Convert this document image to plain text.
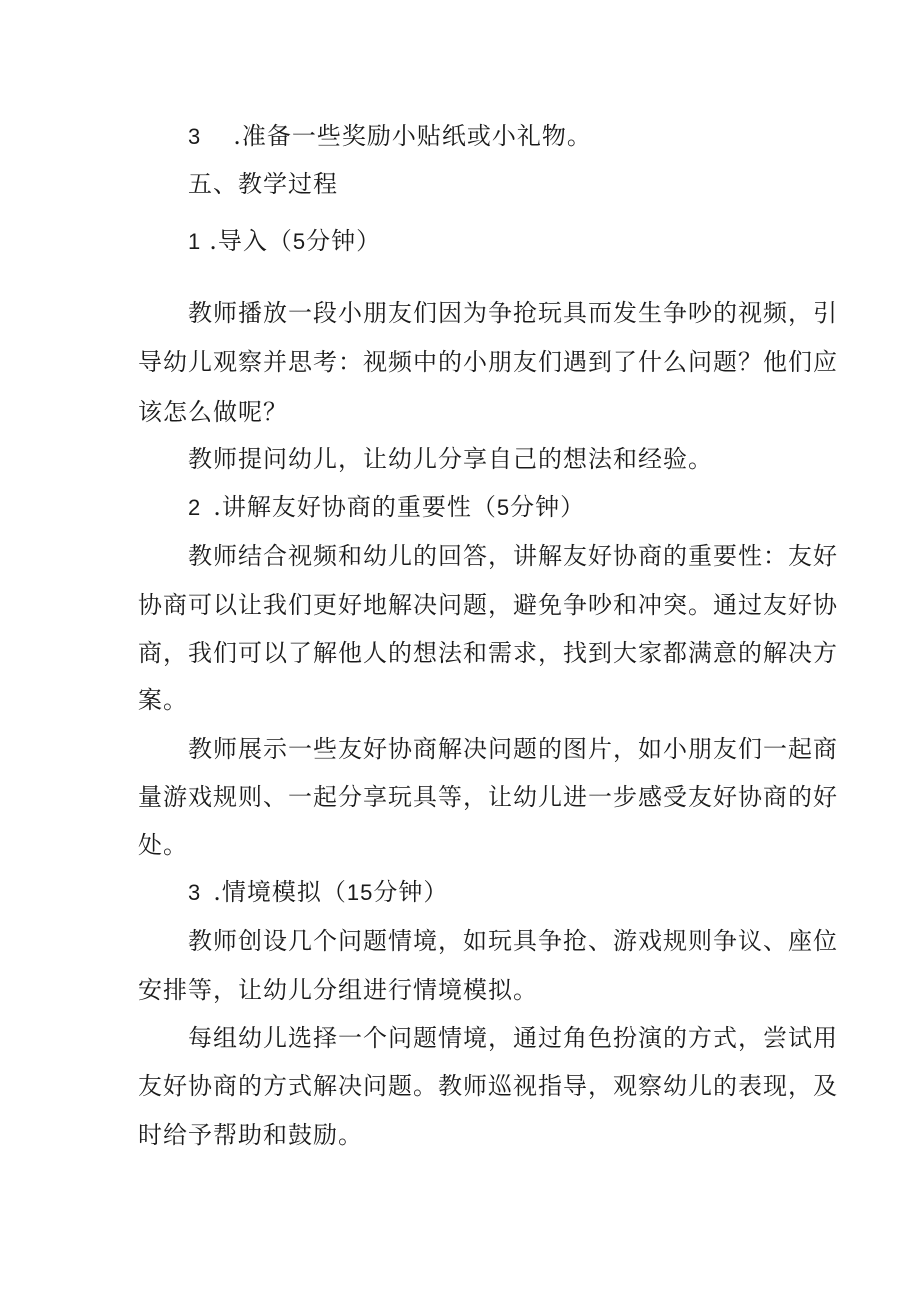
3 .准备一些奖励小贴纸或小礼物。
五、教学过程
1 .导入（5分钟）
教师播放一段小朋友们因为争抢玩具而发生争吵的视频，引
导幼儿观察并思考：视频中的小朋友们遇到了什么问题？他们应
该怎么做呢？
教师提问幼儿，让幼儿分享自己的想法和经验。
2 .讲解友好协商的重要性（5分钟）
教师结合视频和幼儿的回答，讲解友好协商的重要性：友好
协商可以让我们更好地解决问题，避免争吵和冲突。通过友好协
商，我们可以了解他人的想法和需求，找到大家都满意的解决方
案。
教师展示一些友好协商解决问题的图片，如小朋友们一起商
量游戏规则、一起分享玩具等，让幼儿进一步感受友好协商的好
处。
3 .情境模拟（15分钟）
教师创设几个问题情境，如玩具争抢、游戏规则争议、座位
安排等，让幼儿分组进行情境模拟。
每组幼儿选择一个问题情境，通过角色扮演的方式，尝试用
友好协商的方式解决问题。教师巡视指导，观察幼儿的表现，及
时给予帮助和鼓励。
